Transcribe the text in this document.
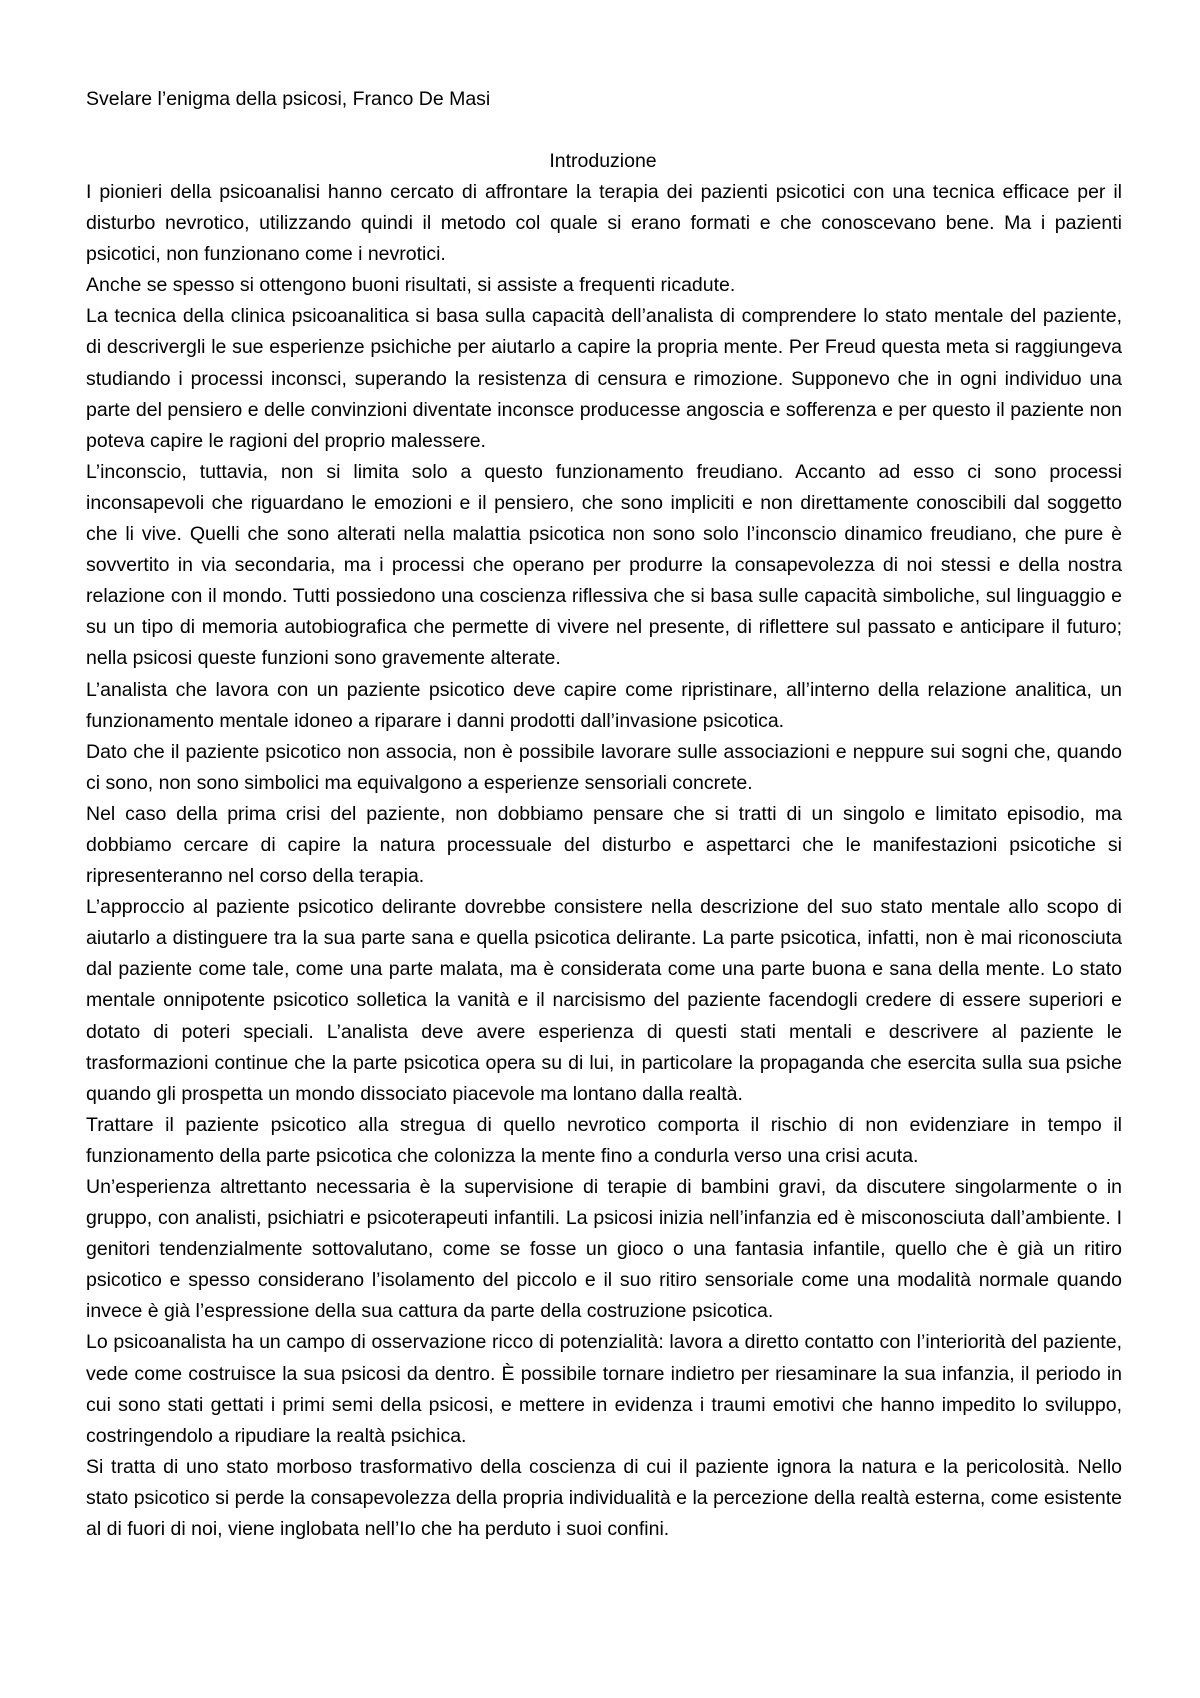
Svelare l’enigma della psicosi, Franco De Masi
Introduzione

I pionieri della psicoanalisi hanno cercato di affrontare la terapia dei pazienti psicotici con una tecnica efficace per il disturbo nevrotico, utilizzando quindi il metodo col quale si erano formati e che conoscevano bene. Ma i pazienti psicotici, non funzionano come i nevrotici.

Anche se spesso si ottengono buoni risultati, si assiste a frequenti ricadute.

La tecnica della clinica psicoanalitica si basa sulla capacità dell’analista di comprendere lo stato mentale del paziente, di descrivergli le sue esperienze psichiche per aiutarlo a capire la propria mente. Per Freud questa meta si raggiungeva studiando i processi inconsci, superando la resistenza di censura e rimozione. Supponevo che in ogni individuo una parte del pensiero e delle convinzioni diventate inconsce producesse angoscia e sofferenza e per questo il paziente non poteva capire le ragioni del proprio malessere.

L’inconscio, tuttavia, non si limita solo a questo funzionamento freudiano. Accanto ad esso ci sono processi inconsapevoli che riguardano le emozioni e il pensiero, che sono impliciti e non direttamente conoscibili dal soggetto che li vive. Quelli che sono alterati nella malattia psicotica non sono solo l’inconscio dinamico freudiano, che pure è sovvertito in via secondaria, ma i processi che operano per produrre la consapevolezza di noi stessi e della nostra relazione con il mondo. Tutti possiedono una coscienza riflessiva che si basa sulle capacità simboliche, sul linguaggio e su un tipo di memoria autobiografica che permette di vivere nel presente, di riflettere sul passato e anticipare il futuro; nella psicosi queste funzioni sono gravemente alterate.

L’analista che lavora con un paziente psicotico deve capire come ripristinare, all’interno della relazione analitica, un funzionamento mentale idoneo a riparare i danni prodotti dall’invasione psicotica.

Dato che il paziente psicotico non associa, non è possibile lavorare sulle associazioni e neppure sui sogni che, quando ci sono, non sono simbolici ma equivalgono a esperienze sensoriali concrete.

Nel caso della prima crisi del paziente, non dobbiamo pensare che si tratti di un singolo e limitato episodio, ma dobbiamo cercare di capire la natura processuale del disturbo e aspettarci che le manifestazioni psicotiche si ripresenteranno nel corso della terapia.

L’approccio al paziente psicotico delirante dovrebbe consistere nella descrizione del suo stato mentale allo scopo di aiutarlo a distinguere tra la sua parte sana e quella psicotica delirante. La parte psicotica, infatti, non è mai riconosciuta dal paziente come tale, come una parte malata, ma è considerata come una parte buona e sana della mente. Lo stato mentale onnipotente psicotico solletica la vanità e il narcisismo del paziente facendogli credere di essere superiori e dotato di poteri speciali. L’analista deve avere esperienza di questi stati mentali e descrivere al paziente le trasformazioni continue che la parte psicotica opera su di lui, in particolare la propaganda che esercita sulla sua psiche quando gli prospetta un mondo dissociato piacevole ma lontano dalla realtà.

Trattare il paziente psicotico alla stregua di quello nevrotico comporta il rischio di non evidenziare in tempo il funzionamento della parte psicotica che colonizza la mente fino a condurla verso una crisi acuta.

Un’esperienza altrettanto necessaria è la supervisione di terapie di bambini gravi, da discutere singolarmente o in gruppo, con analisti, psichiatri e psicoterapeuti infantili. La psicosi inizia nell’infanzia ed è misconosciuta dall’ambiente. I genitori tendenzialmente sottovalutano, come se fosse un gioco o una fantasia infantile, quello che è già un ritiro psicotico e spesso considerano l’isolamento del piccolo e il suo ritiro sensoriale come una modalità normale quando invece è già l’espressione della sua cattura da parte della costruzione psicotica.

Lo psicoanalista ha un campo di osservazione ricco di potenzialità: lavora a diretto contatto con l’interiorità del paziente, vede come costruisce la sua psicosi da dentro. È possibile tornare indietro per riesaminare la sua infanzia, il periodo in cui sono stati gettati i primi semi della psicosi, e mettere in evidenza i traumi emotivi che hanno impedito lo sviluppo, costringendolo a ripudiare la realtà psichica.

Si tratta di uno stato morboso trasformativo della coscienza di cui il paziente ignora la natura e la pericolosità. Nello stato psicotico si perde la consapevolezza della propria individualità e la percezione della realtà esterna, come esistente al di fuori di noi, viene inglobata nell’Io che ha perduto i suoi confini.
